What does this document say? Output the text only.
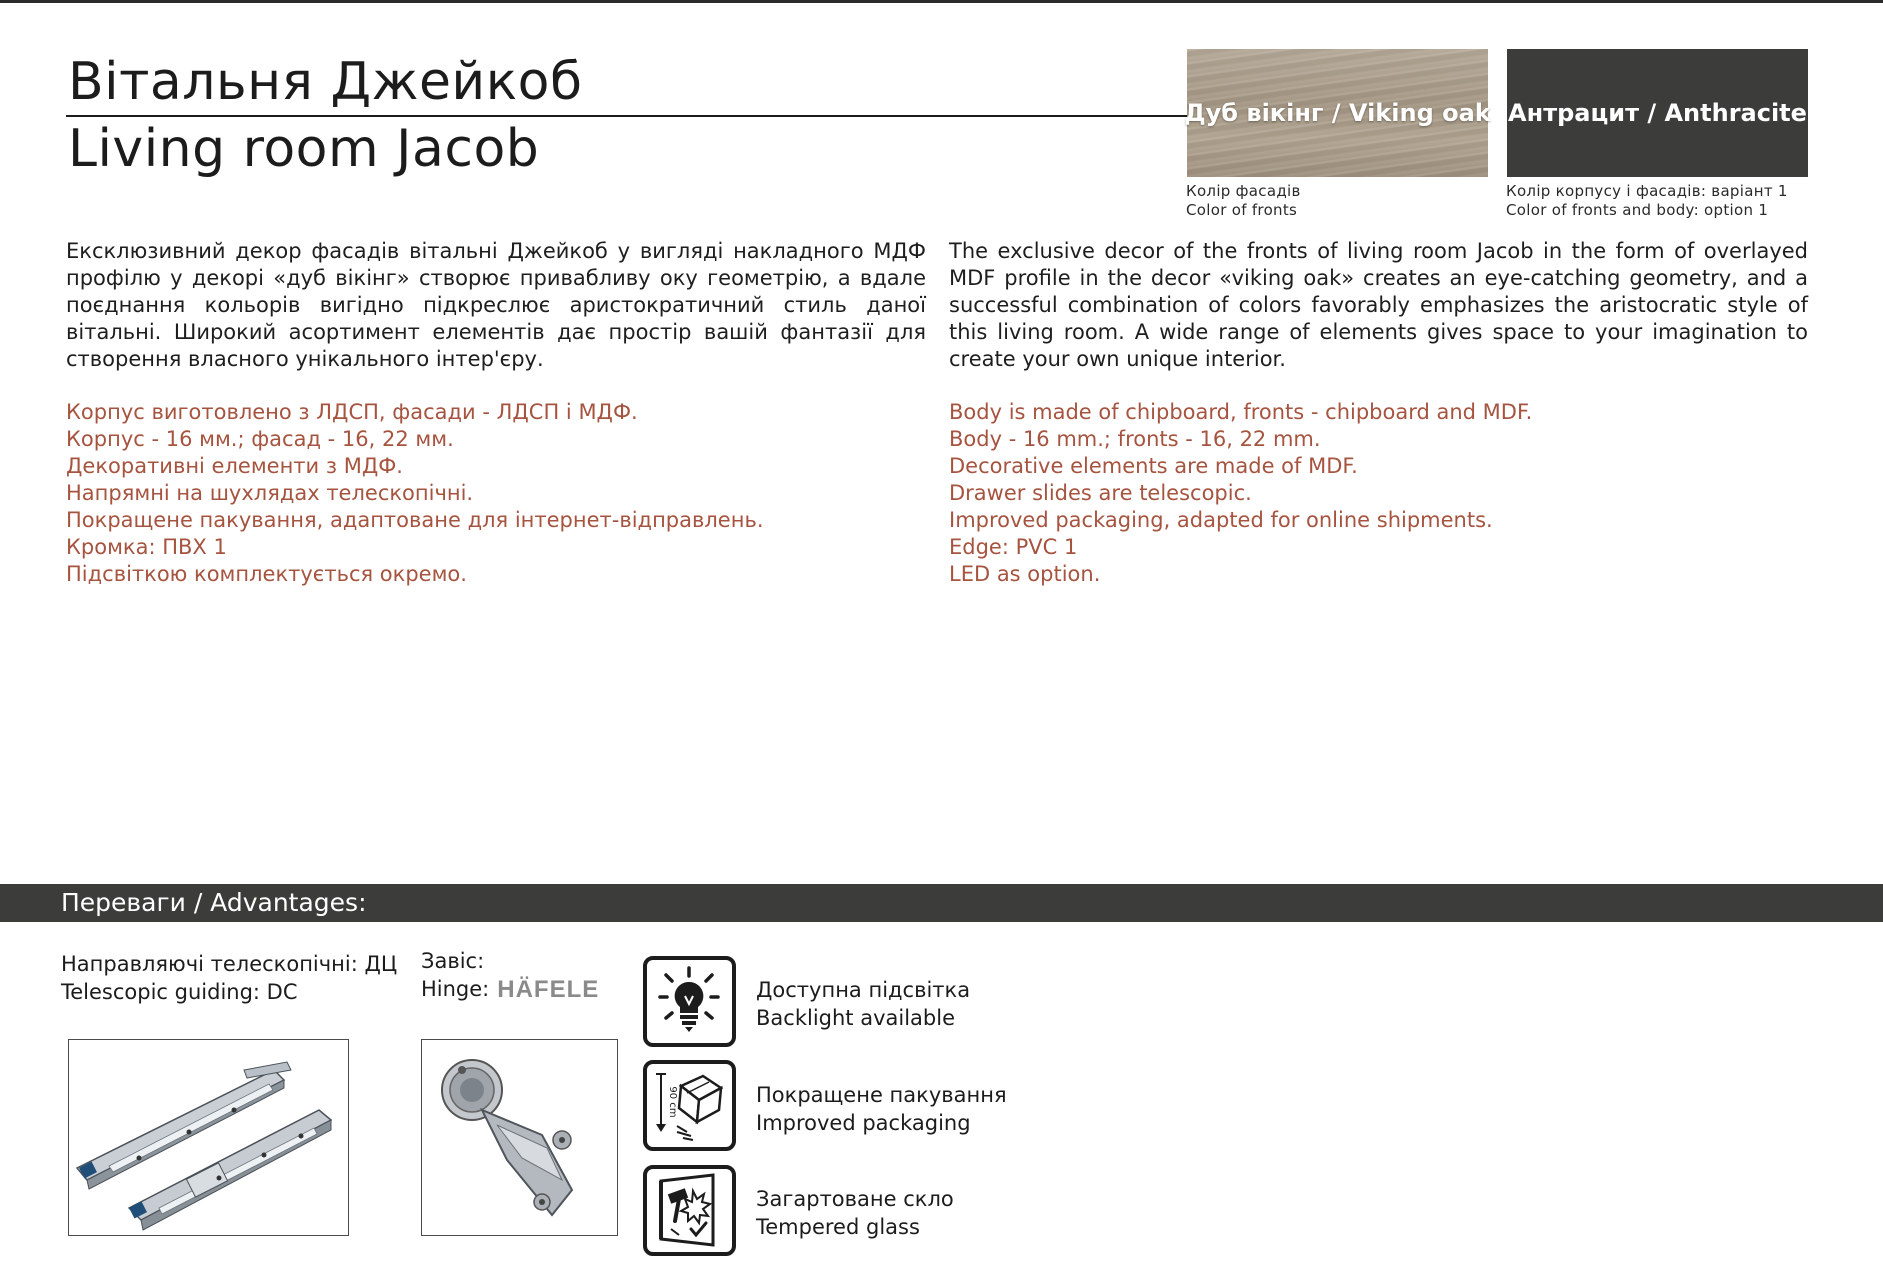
Вітальня Джейкоб
Living room Jacob
Дуб вікінг / Viking oak
Колір фасадів
Color of fronts
Антрацит / Anthracite
Колір корпусу і фасадів: варіант 1
Color of fronts and body: option 1
Ексклюзивний декор фасадів вітальні Джейкоб у вигляді накладного МДФ профілю у декорі «дуб вікінг» створює привабливу оку геометрію, а вдале поєднання кольорів вигідно підкреслює аристократичний стиль даної вітальні. Широкий асортимент елементів дає простір вашій фантазії для створення власного унікального інтер'єру.
The exclusive decor of the fronts of living room Jacob in the form of overlayed MDF profile in the decor «viking oak» creates an eye-catching geometry, and a successful combination of colors favorably emphasizes the aristocratic style of this living room. A wide range of elements gives space to your imagination to create your own unique interior.
Корпус виготовлено з ЛДСП, фасади - ЛДСП і МДФ.
Корпус - 16 мм.; фасад - 16, 22 мм.
Декоративні елементи з МДФ.
Напрямні на шухлядах телескопічні.
Покращене пакування, адаптоване для інтернет-відправлень.
Кромка: ПВХ 1
Підсвіткою комплектується окремо.
Body is made of chipboard, fronts - chipboard and MDF.
Body - 16 mm.; fronts - 16, 22 mm.
Decorative elements are made of MDF.
Drawer slides are telescopic.
Improved packaging, adapted for online shipments.
Edge: PVC 1
LED as option.
Переваги / Advantages:
Направляючі телескопічні: ДЦ
Telescopic guiding: DC
Завіс:
Hinge: HÄFELE	Доступна підсвітка
Backlight available
90 cm	Покращене пакування
Improved packaging
Загартоване скло
Tempered glass
